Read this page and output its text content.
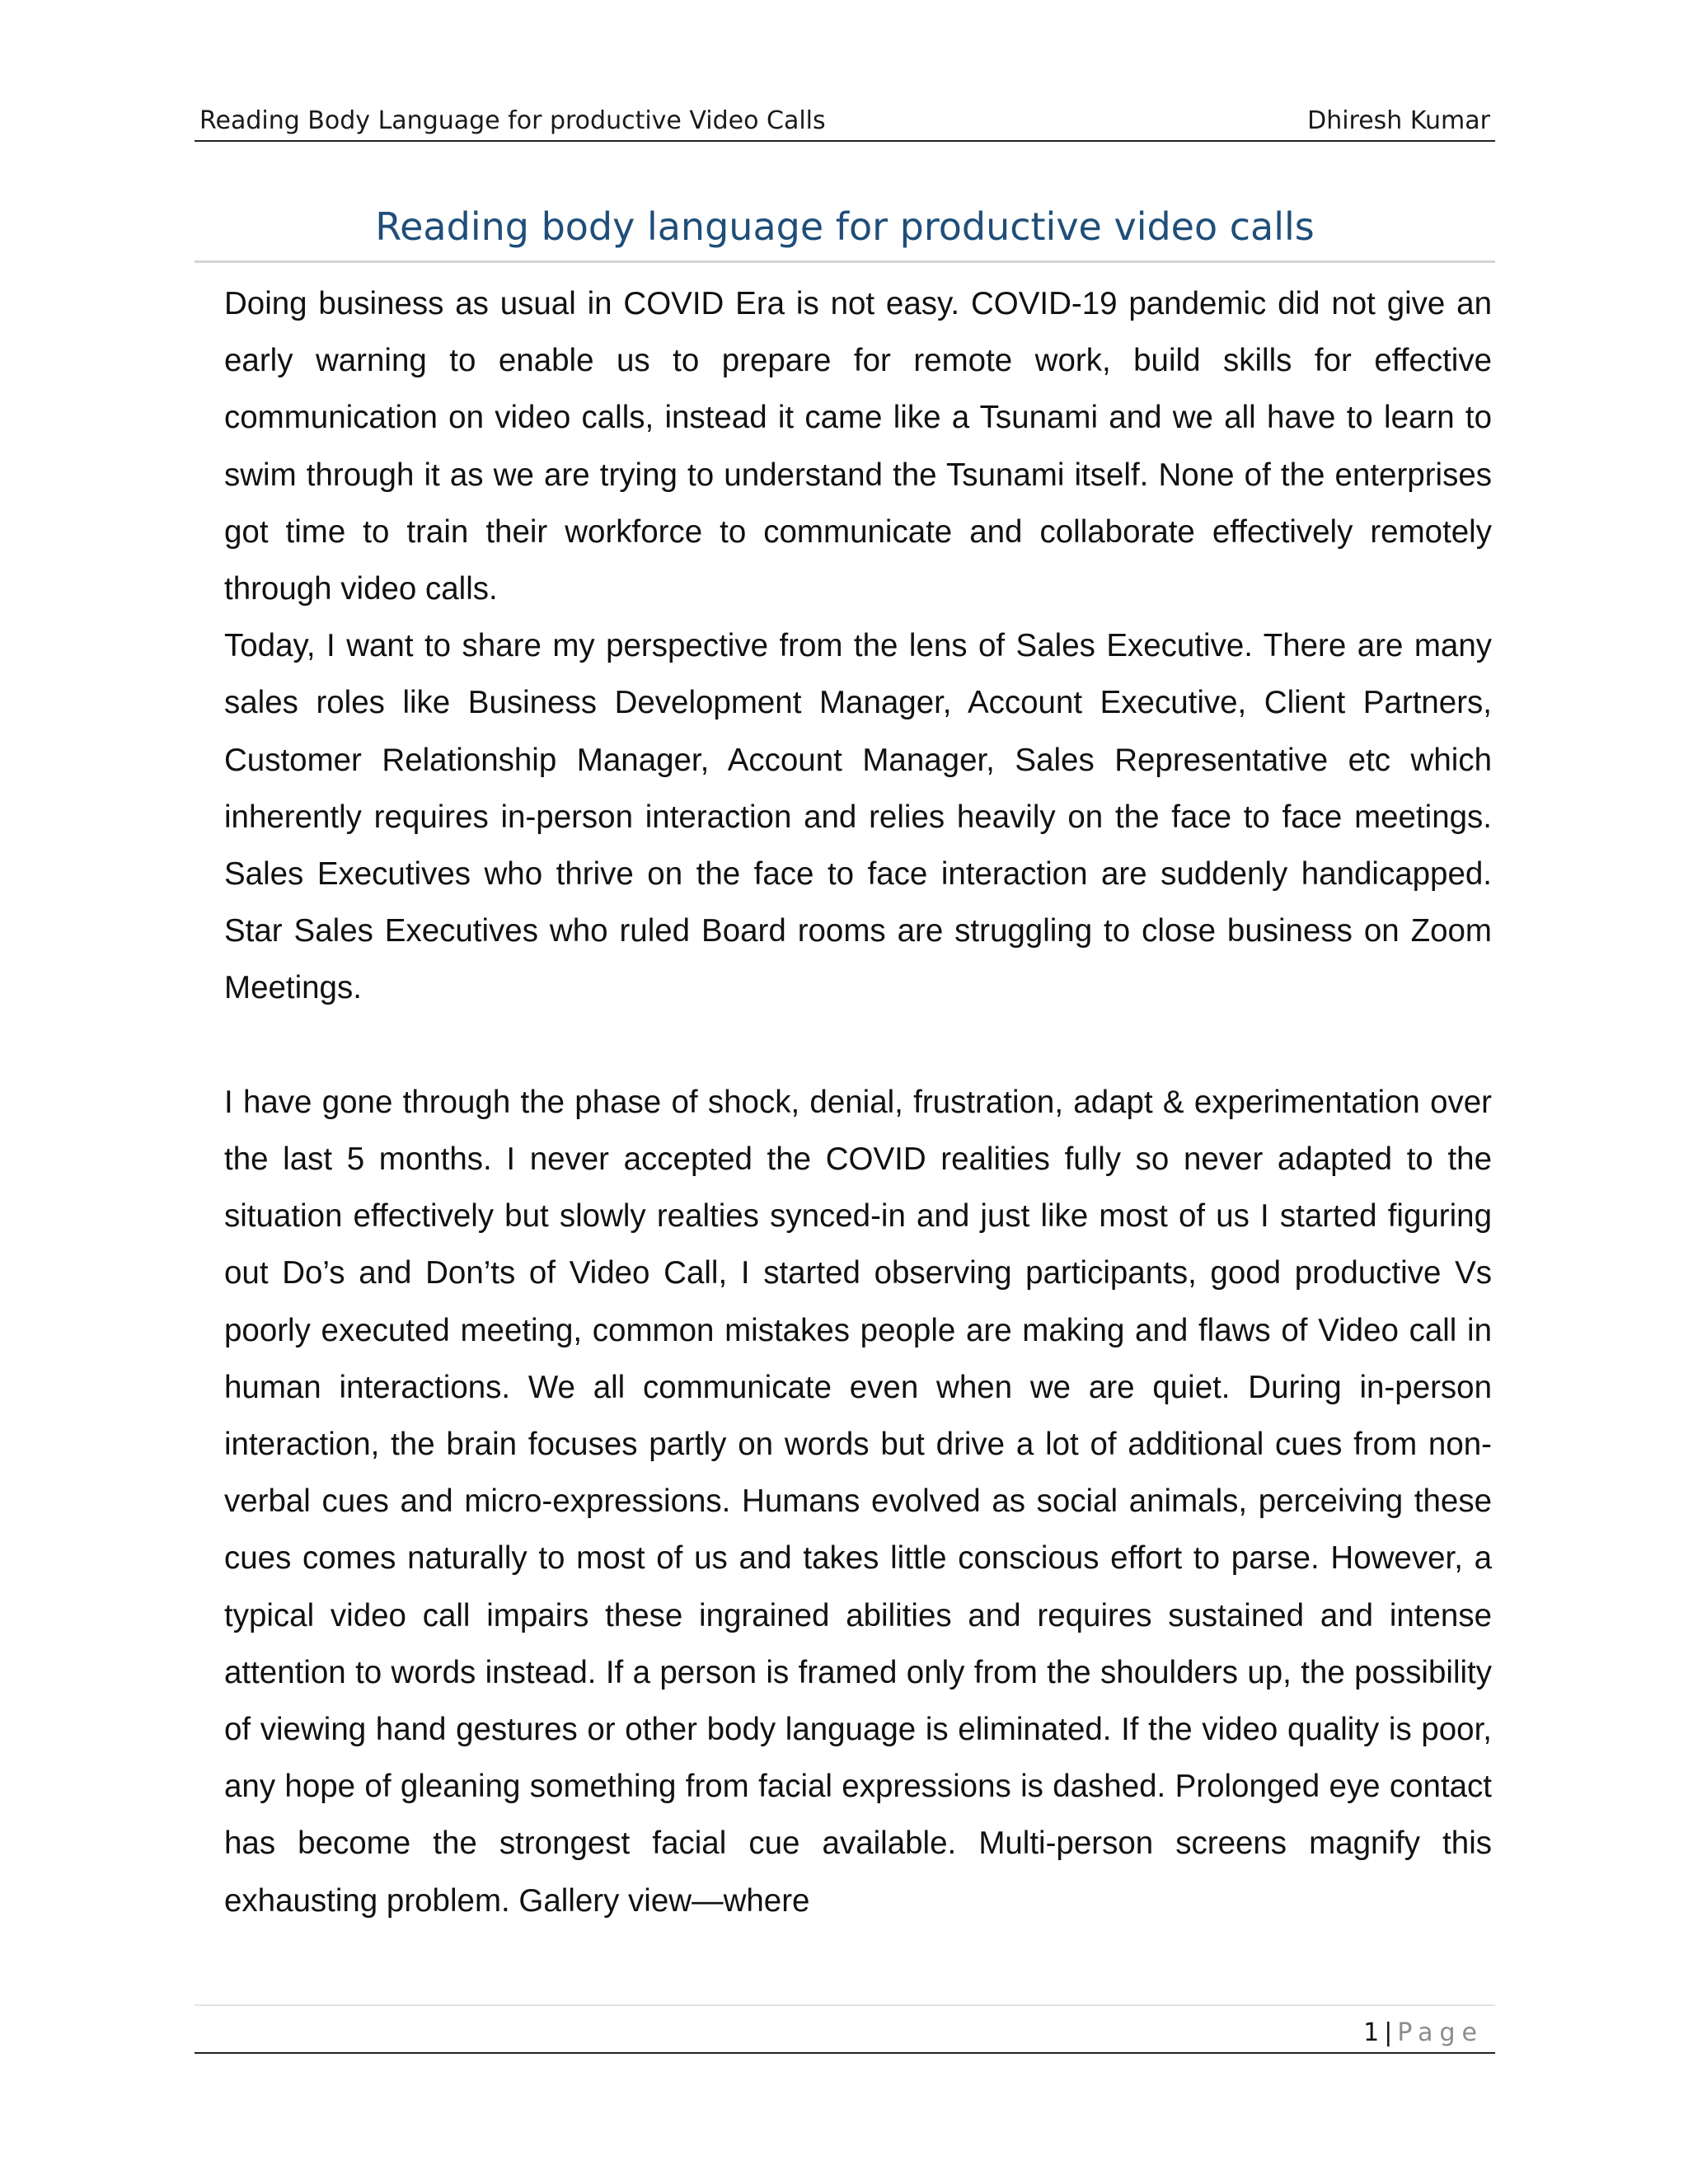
Reading Body Language for productive Video Calls	Dhiresh Kumar
Reading body language for productive video calls

Doing business as usual in COVID Era is not easy. COVID-19 pandemic did not give an early warning to enable us to prepare for remote work, build skills for effective communication on video calls, instead it came like a Tsunami and we all have to learn to swim through it as we are trying to understand the Tsunami itself. None of the enterprises got time to train their workforce to communicate and collaborate effectively remotely through video calls.

Today, I want to share my perspective from the lens of Sales Executive. There are many sales roles like Business Development Manager, Account Executive, Client Partners, Customer Relationship Manager, Account Manager, Sales Representative etc which inherently requires in-person interaction and relies heavily on the face to face meetings. Sales Executives who thrive on the face to face interaction are suddenly handicapped. Star Sales Executives who ruled Board rooms are struggling to close business on Zoom Meetings.

I have gone through the phase of shock, denial, frustration, adapt & experimentation over the last 5 months. I never accepted the COVID realities fully so never adapted to the situation effectively but slowly realties synced-in and just like most of us I started figuring out Do’s and Don’ts of Video Call, I started observing participants, good productive Vs poorly executed meeting, common mistakes people are making and flaws of Video call in human interactions. We all communicate even when we are quiet. During in-person interaction, the brain focuses partly on words but drive a lot of additional cues from non-verbal cues and micro-expressions. Humans evolved as social animals, perceiving these cues comes naturally to most of us and takes little conscious effort to parse. However, a typical video call impairs these ingrained abilities and requires sustained and intense attention to words instead. If a person is framed only from the shoulders up, the possibility of viewing hand gestures or other body language is eliminated. If the video quality is poor, any hope of gleaning something from facial expressions is dashed. Prolonged eye contact has become the strongest facial cue available. Multi-person screens magnify this exhausting problem. Gallery view—where

1 | Page
